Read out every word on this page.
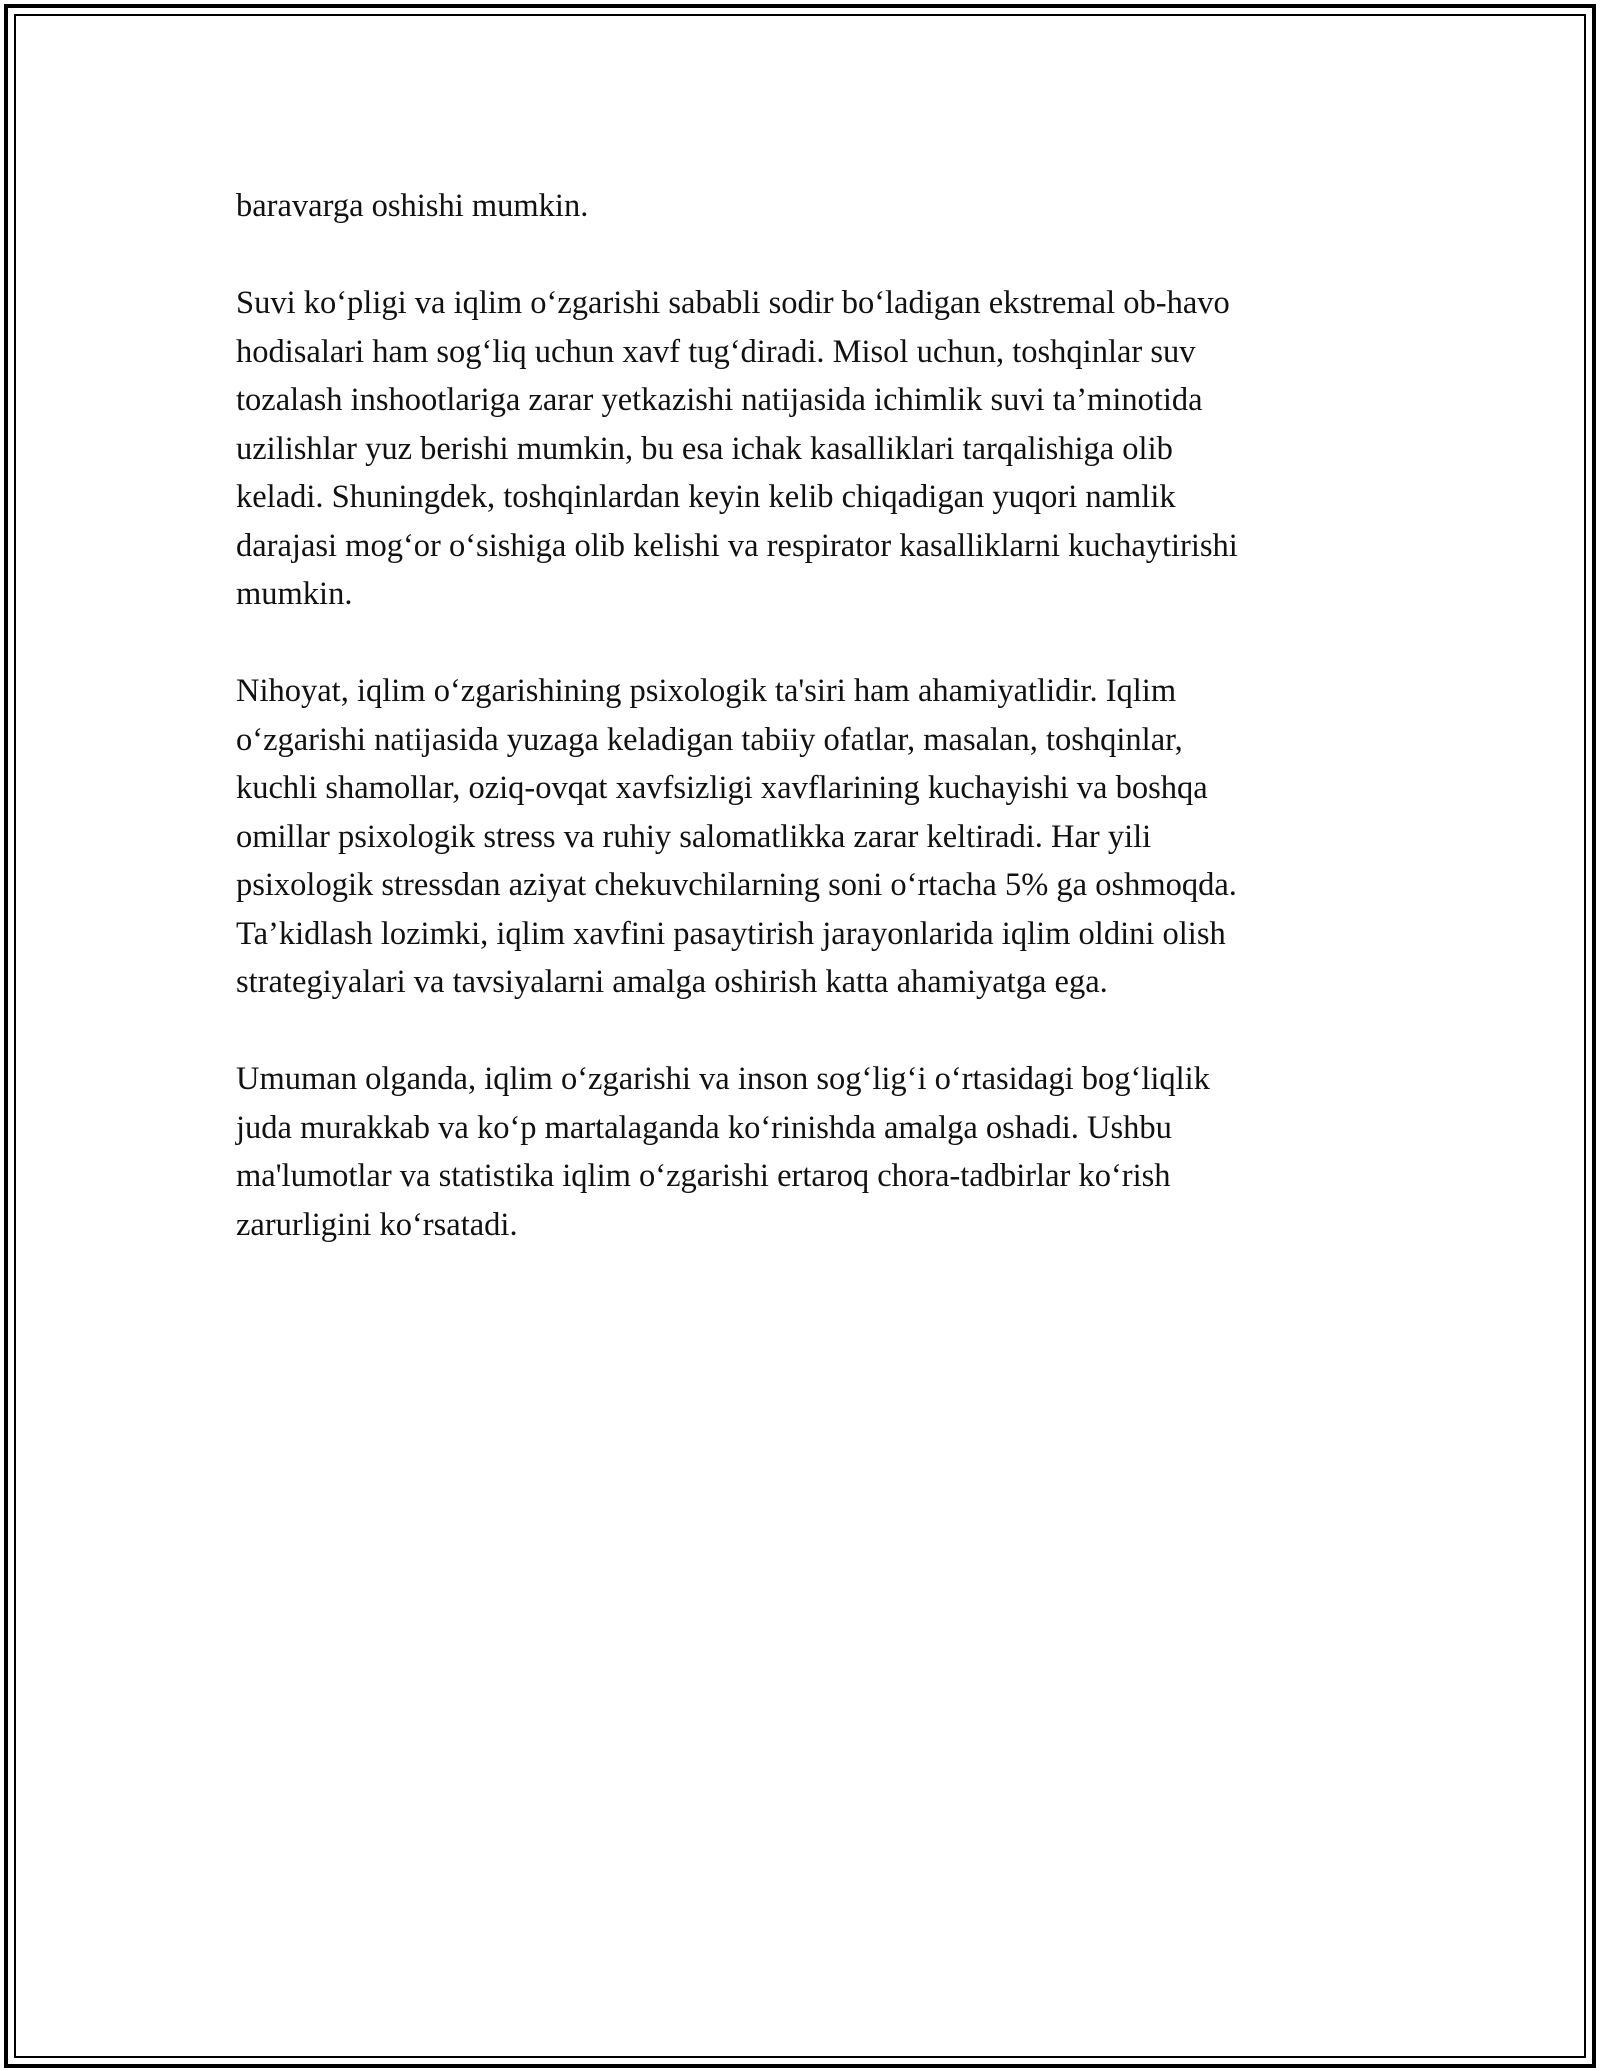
baravarga oshishi mumkin.

Suvi koʻpligi va iqlim oʻzgarishi sababli sodir boʻladigan ekstremal ob-havo
hodisalari ham sogʻliq uchun xavf tugʻdiradi. Misol uchun, toshqinlar suv
tozalash inshootlariga zarar yetkazishi natijasida ichimlik suvi ta’minotida
uzilishlar yuz berishi mumkin, bu esa ichak kasalliklari tarqalishiga olib
keladi. Shuningdek, toshqinlardan keyin kelib chiqadigan yuqori namlik
darajasi mogʻor oʻsishiga olib kelishi va respirator kasalliklarni kuchaytirishi
mumkin.

Nihoyat, iqlim oʻzgarishining psixologik ta'siri ham ahamiyatlidir. Iqlim
oʻzgarishi natijasida yuzaga keladigan tabiiy ofatlar, masalan, toshqinlar,
kuchli shamollar, oziq-ovqat xavfsizligi xavflarining kuchayishi va boshqa
omillar psixologik stress va ruhiy salomatlikka zarar keltiradi. Har yili
psixologik stressdan aziyat chekuvchilarning soni oʻrtacha 5% ga oshmoqda.
Ta’kidlash lozimki, iqlim xavfini pasaytirish jarayonlarida iqlim oldini olish
strategiyalari va tavsiyalarni amalga oshirish katta ahamiyatga ega.

Umuman olganda, iqlim oʻzgarishi va inson sogʻligʻi oʻrtasidagi bogʻliqlik
juda murakkab va koʻp martalaganda koʻrinishda amalga oshadi. Ushbu
ma'lumotlar va statistika iqlim oʻzgarishi ertaroq chora-tadbirlar koʻrish
zarurligini koʻrsatadi.
